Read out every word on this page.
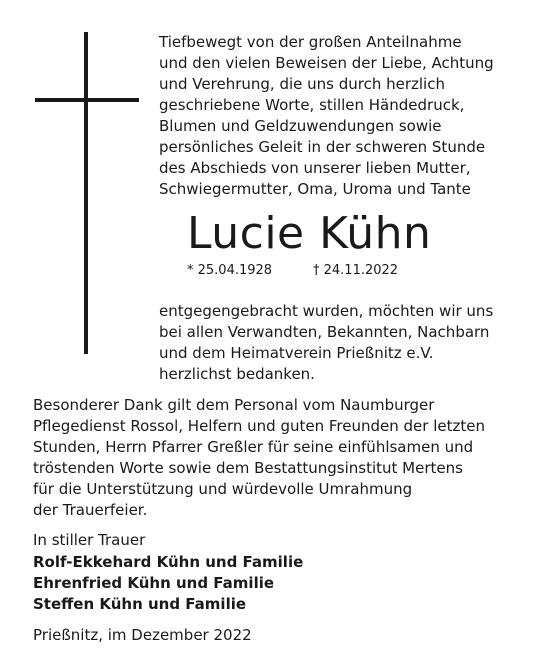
Tiefbewegt von der großen Anteilnahme
und den vielen Beweisen der Liebe, Achtung
und Verehrung, die uns durch herzlich
geschriebene Worte, stillen Händedruck,
Blumen und Geldzuwendungen sowie
persönliches Geleit in der schweren Stunde
des Abschieds von unserer lieben Mutter,
Schwiegermutter, Oma, Uroma und Tante
Lucie Kühn
* 25.04.1928	† 24.11.2022
entgegengebracht wurden, möchten wir uns
bei allen Verwandten, Bekannten, Nachbarn
und dem Heimatverein Prießnitz e.V.
herzlichst bedanken.
Besonderer Dank gilt dem Personal vom Naumburger
Pflegedienst Rossol, Helfern und guten Freunden der letzten
Stunden, Herrn Pfarrer Greßler für seine einfühlsamen und
tröstenden Worte sowie dem Bestattungsinstitut Mertens
für die Unterstützung und würdevolle Umrahmung
der Trauerfeier.
In stiller Trauer
Rolf-Ekkehard Kühn und Familie
Ehrenfried Kühn und Familie
Steffen Kühn und Familie
Prießnitz, im Dezember 2022
